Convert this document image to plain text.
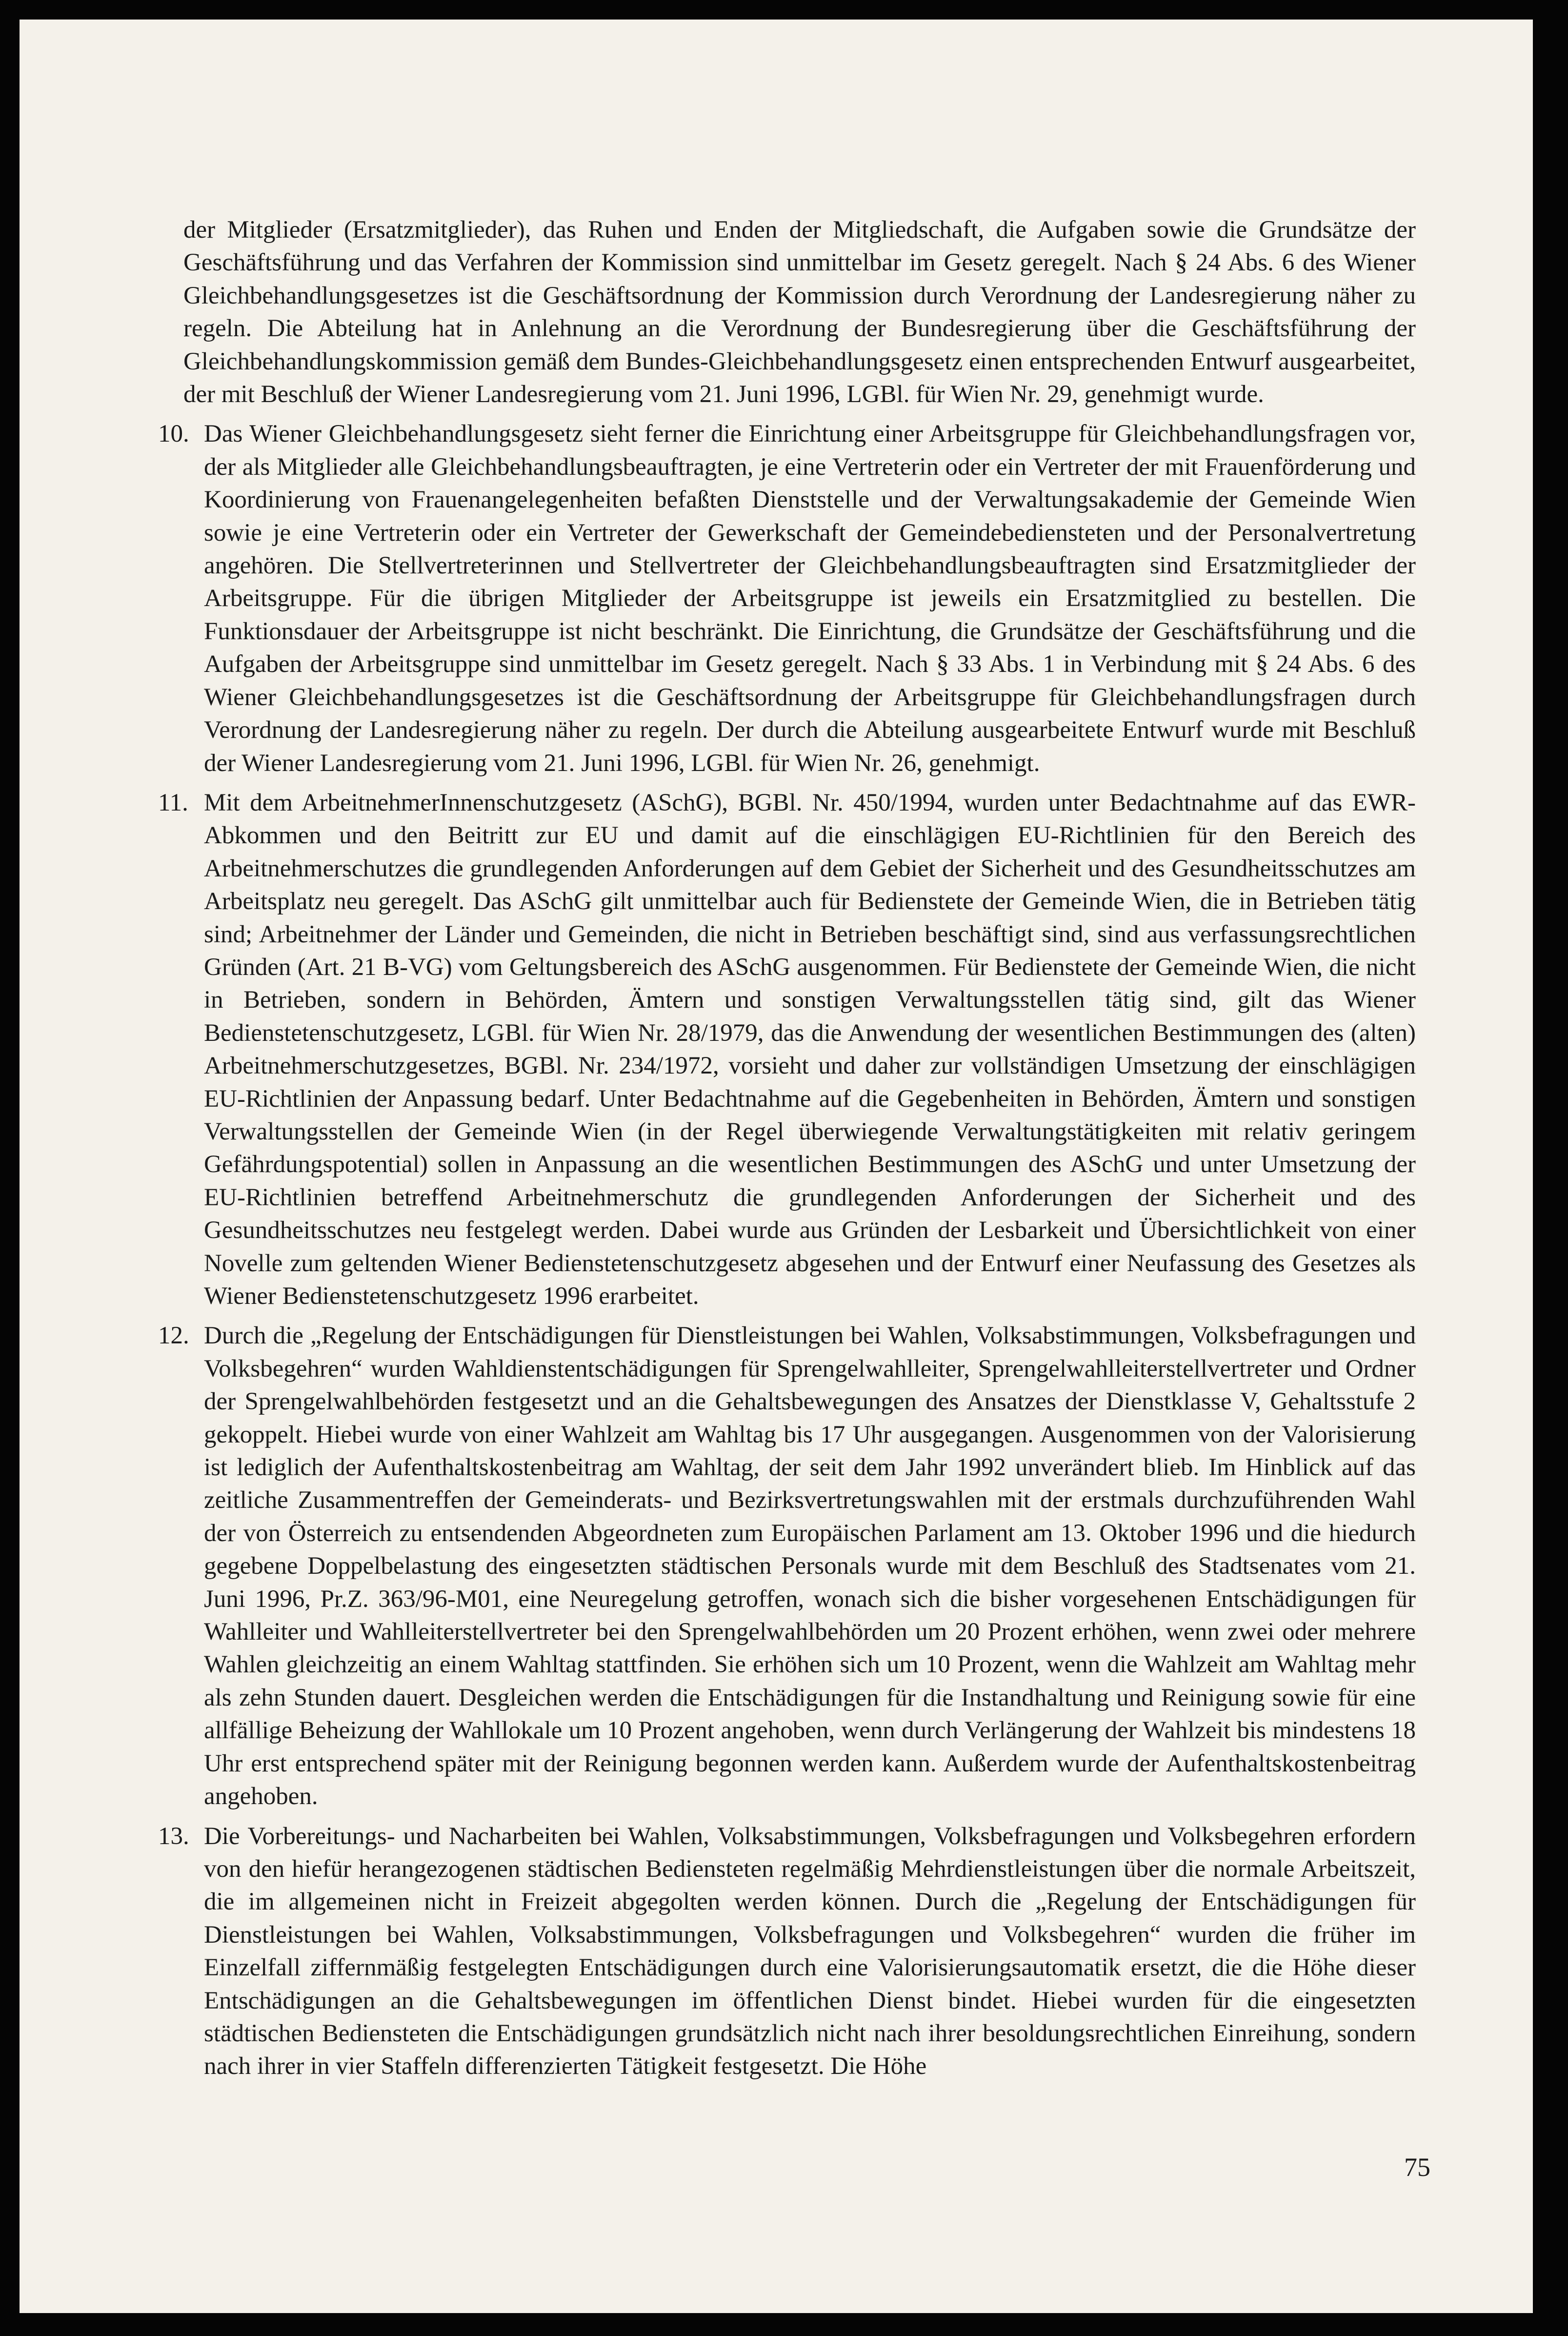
der Mitglieder (Ersatzmitglieder), das Ruhen und Enden der Mitgliedschaft, die Aufgaben sowie die Grundsätze der Geschäftsführung und das Verfahren der Kommission sind unmittelbar im Gesetz geregelt. Nach § 24 Abs. 6 des Wiener Gleichbehandlungsgesetzes ist die Geschäftsordnung der Kommission durch Verordnung der Landesregierung näher zu regeln. Die Abteilung hat in Anlehnung an die Verordnung der Bundesregierung über die Geschäftsführung der Gleichbehandlungskommission gemäß dem Bundes-Gleichbehandlungsgesetz einen entsprechenden Entwurf ausgearbeitet, der mit Beschluß der Wiener Landesregierung vom 21. Juni 1996, LGBl. für Wien Nr. 29, genehmigt wurde.

10. Das Wiener Gleichbehandlungsgesetz sieht ferner die Einrichtung einer Arbeitsgruppe für Gleichbehandlungsfragen vor, der als Mitglieder alle Gleichbehandlungsbeauftragten, je eine Vertreterin oder ein Vertreter der mit Frauenförderung und Koordinierung von Frauenangelegenheiten befaßten Dienststelle und der Verwaltungsakademie der Gemeinde Wien sowie je eine Vertreterin oder ein Vertreter der Gewerkschaft der Gemeindebediensteten und der Personalvertretung angehören. Die Stellvertreterinnen und Stellvertreter der Gleichbehandlungsbeauftragten sind Ersatzmitglieder der Arbeitsgruppe. Für die übrigen Mitglieder der Arbeitsgruppe ist jeweils ein Ersatzmitglied zu bestellen. Die Funktionsdauer der Arbeitsgruppe ist nicht beschränkt. Die Einrichtung, die Grundsätze der Geschäftsführung und die Aufgaben der Arbeitsgruppe sind unmittelbar im Gesetz geregelt. Nach § 33 Abs. 1 in Verbindung mit § 24 Abs. 6 des Wiener Gleichbehandlungsgesetzes ist die Geschäftsordnung der Arbeitsgruppe für Gleichbehandlungsfragen durch Verordnung der Landesregierung näher zu regeln. Der durch die Abteilung ausgearbeitete Entwurf wurde mit Beschluß der Wiener Landesregierung vom 21. Juni 1996, LGBl. für Wien Nr. 26, genehmigt.

11. Mit dem ArbeitnehmerInnenschutzgesetz (ASchG), BGBl. Nr. 450/1994, wurden unter Bedachtnahme auf das EWR-Abkommen und den Beitritt zur EU und damit auf die einschlägigen EU-Richtlinien für den Bereich des Arbeitnehmerschutzes die grundlegenden Anforderungen auf dem Gebiet der Sicherheit und des Gesundheitsschutzes am Arbeitsplatz neu geregelt. Das ASchG gilt unmittelbar auch für Bedienstete der Gemeinde Wien, die in Betrieben tätig sind; Arbeitnehmer der Länder und Gemeinden, die nicht in Betrieben beschäftigt sind, sind aus verfassungsrechtlichen Gründen (Art. 21 B-VG) vom Geltungsbereich des ASchG ausgenommen. Für Bedienstete der Gemeinde Wien, die nicht in Betrieben, sondern in Behörden, Ämtern und sonstigen Verwaltungsstellen tätig sind, gilt das Wiener Bedienstetenschutzgesetz, LGBl. für Wien Nr. 28/1979, das die Anwendung der wesentlichen Bestimmungen des (alten) Arbeitnehmerschutzgesetzes, BGBl. Nr. 234/1972, vorsieht und daher zur vollständigen Umsetzung der einschlägigen EU-Richtlinien der Anpassung bedarf. Unter Bedachtnahme auf die Gegebenheiten in Behörden, Ämtern und sonstigen Verwaltungsstellen der Gemeinde Wien (in der Regel überwiegende Verwaltungstätigkeiten mit relativ geringem Gefährdungspotential) sollen in Anpassung an die wesentlichen Bestimmungen des ASchG und unter Umsetzung der EU-Richtlinien betreffend Arbeitnehmerschutz die grundlegenden Anforderungen der Sicherheit und des Gesundheitsschutzes neu festgelegt werden. Dabei wurde aus Gründen der Lesbarkeit und Übersichtlichkeit von einer Novelle zum geltenden Wiener Bedienstetenschutzgesetz abgesehen und der Entwurf einer Neufassung des Gesetzes als Wiener Bedienstetenschutzgesetz 1996 erarbeitet.

12. Durch die „Regelung der Entschädigungen für Dienstleistungen bei Wahlen, Volksabstimmungen, Volksbefragungen und Volksbegehren“ wurden Wahldienstentschädigungen für Sprengelwahlleiter, Sprengelwahlleiterstellvertreter und Ordner der Sprengelwahlbehörden festgesetzt und an die Gehaltsbewegungen des Ansatzes der Dienstklasse V, Gehaltsstufe 2 gekoppelt. Hiebei wurde von einer Wahlzeit am Wahltag bis 17 Uhr ausgegangen. Ausgenommen von der Valorisierung ist lediglich der Aufenthaltskostenbeitrag am Wahltag, der seit dem Jahr 1992 unverändert blieb. Im Hinblick auf das zeitliche Zusammentreffen der Gemeinderats- und Bezirksvertretungswahlen mit der erstmals durchzuführenden Wahl der von Österreich zu entsendenden Abgeordneten zum Europäischen Parlament am 13. Oktober 1996 und die hiedurch gegebene Doppelbelastung des eingesetzten städtischen Personals wurde mit dem Beschluß des Stadtsenates vom 21. Juni 1996, Pr.Z. 363/96-M01, eine Neuregelung getroffen, wonach sich die bisher vorgesehenen Entschädigungen für Wahlleiter und Wahlleiterstellvertreter bei den Sprengelwahlbehörden um 20 Prozent erhöhen, wenn zwei oder mehrere Wahlen gleichzeitig an einem Wahltag stattfinden. Sie erhöhen sich um 10 Prozent, wenn die Wahlzeit am Wahltag mehr als zehn Stunden dauert. Desgleichen werden die Entschädigungen für die Instandhaltung und Reinigung sowie für eine allfällige Beheizung der Wahllokale um 10 Prozent angehoben, wenn durch Verlängerung der Wahlzeit bis mindestens 18 Uhr erst entsprechend später mit der Reinigung begonnen werden kann. Außerdem wurde der Aufenthaltskostenbeitrag angehoben.

13. Die Vorbereitungs- und Nacharbeiten bei Wahlen, Volksabstimmungen, Volksbefragungen und Volksbegehren erfordern von den hiefür herangezogenen städtischen Bediensteten regelmäßig Mehrdienstleistungen über die normale Arbeitszeit, die im allgemeinen nicht in Freizeit abgegolten werden können. Durch die „Regelung der Entschädigungen für Dienstleistungen bei Wahlen, Volksabstimmungen, Volksbefragungen und Volksbegehren“ wurden die früher im Einzelfall ziffernmäßig festgelegten Entschädigungen durch eine Valorisierungsautomatik ersetzt, die die Höhe dieser Entschädigungen an die Gehaltsbewegungen im öffentlichen Dienst bindet. Hiebei wurden für die eingesetzten städtischen Bediensteten die Entschädigungen grundsätzlich nicht nach ihrer besoldungsrechtlichen Einreihung, sondern nach ihrer in vier Staffeln differenzierten Tätigkeit festgesetzt. Die Höhe

75
